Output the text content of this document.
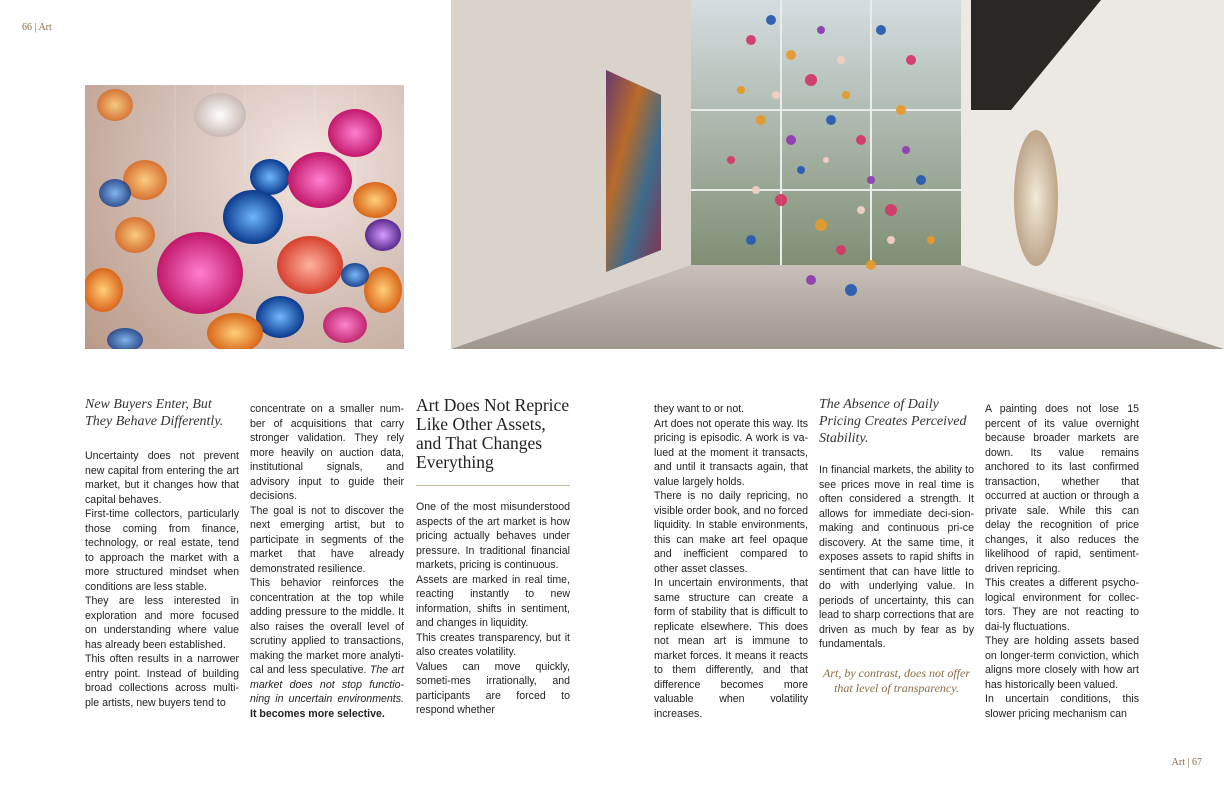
66 | Art
Art | 67
New Buyers Enter, But They Behave Differently.

Uncertainty does not prevent new capital from entering the art market, but it changes how that capital behaves.

First-time collectors, particularly those coming from finance, technology, or real estate, tend to approach the market with a more structured mindset when conditions are less stable.

They are less interested in exploration and more focused on understanding where value has already been established.

This often results in a narrower entry point. Instead of building broad collections across multi-ple artists, new buyers tend to

concentrate on a smaller num-ber of acquisitions that carry stronger validation. They rely more heavily on auction data, institutional signals, and advisory input to guide their decisions.

The goal is not to discover the next emerging artist, but to participate in segments of the market that have already demonstrated resilience.

This behavior reinforces the concentration at the top while adding pressure to the middle. It also raises the overall level of scrutiny applied to transactions, making the market more analyti-cal and less speculative. The art market does not stop functio-ning in uncertain environments. It becomes more selective.

Art Does Not Reprice Like Other Assets, and That Changes Everything

One of the most misunderstood aspects of the art market is how pricing actually behaves under pressure. In traditional financial markets, pricing is continuous.

Assets are marked in real time, reacting instantly to new information, shifts in sentiment, and changes in liquidity.

This creates transparency, but it also creates volatility.

Values can move quickly, someti-mes irrationally, and participants are forced to respond whether

they want to or not.

Art does not operate this way. Its pricing is episodic. A work is va-lued at the moment it transacts, and until it transacts again, that value largely holds.

There is no daily repricing, no visible order book, and no forced liquidity. In stable environments, this can make art feel opaque and inefficient compared to other asset classes.

In uncertain environments, that same structure can create a form of stability that is difficult to replicate elsewhere. This does not mean art is immune to market forces. It means it reacts to them differently, and that difference becomes more valuable when volatility increases.

The Absence of Daily Pricing Creates Perceived Stability.

In financial markets, the ability to see prices move in real time is often considered a strength. It allows for immediate deci-sion-making and continuous pri-ce discovery. At the same time, it exposes assets to rapid shifts in sentiment that can have little to do with underlying value. In periods of uncertainty, this can lead to sharp corrections that are driven as much by fear as by fundamentals.

Art, by contrast, does not offer that level of transparency.

A painting does not lose 15 percent of its value overnight because broader markets are down. Its value remains anchored to its last confirmed transaction, whether that occurred at auction or through a private sale. While this can delay the recognition of price changes, it also reduces the likelihood of rapid, sentiment-driven repricing.

This creates a different psycho-logical environment for collec-tors. They are not reacting to dai-ly fluctuations.

They are holding assets based on longer-term conviction, which aligns more closely with how art has historically been valued.

In uncertain conditions, this slower pricing mechanism can
